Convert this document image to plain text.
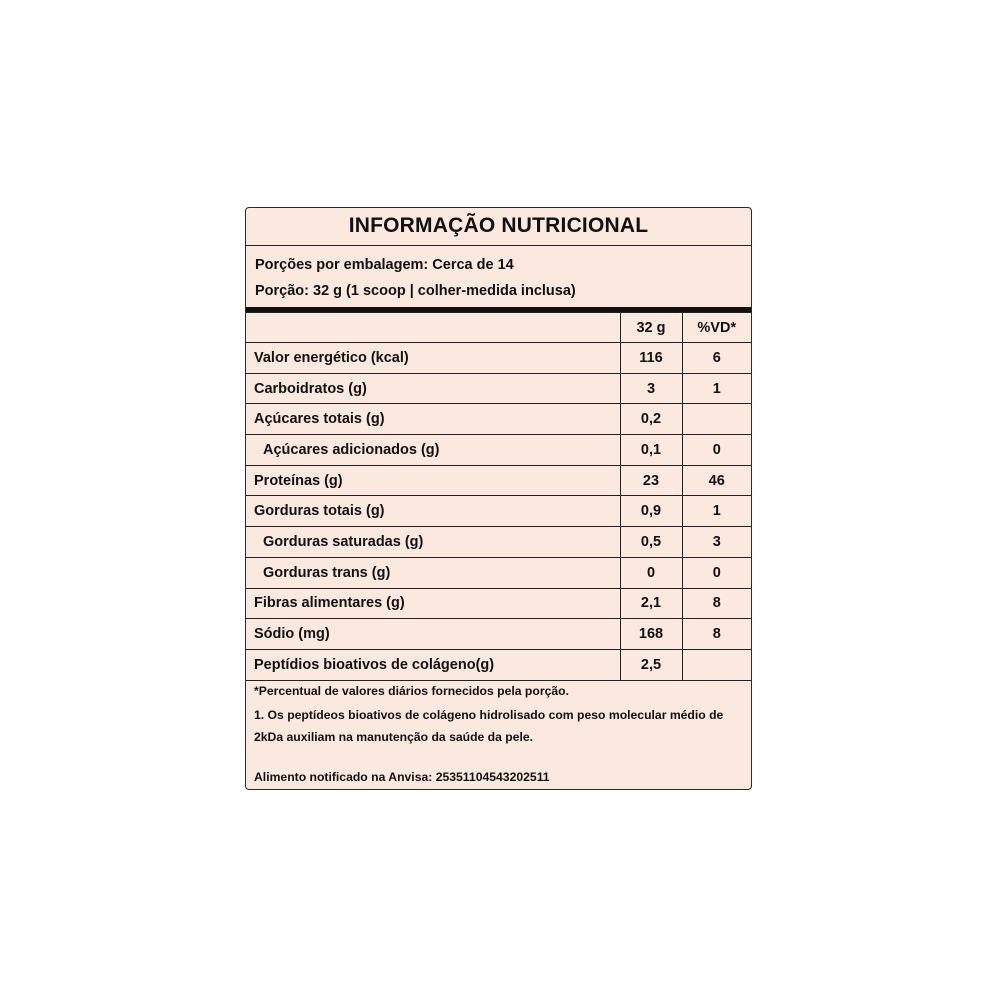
INFORMAÇÃO NUTRICIONAL
Porções por embalagem: Cerca de 14
Porção: 32 g (1 scoop | colher-medida inclusa)
	32 g	%VD*
Valor energético (kcal)	116	6
Carboidratos (g)	3	1
Açúcares totais (g)	0,2	
Açúcares adicionados (g)	0,1	0
Proteínas (g)	23	46
Gorduras totais (g)	0,9	1
Gorduras saturadas (g)	0,5	3
Gorduras trans (g)	0	0
Fibras alimentares (g)	2,1	8
Sódio (mg)	168	8
Peptídios bioativos de colágeno(g)	2,5	
*Percentual de valores diários fornecidos pela porção.
1. Os peptídeos bioativos de colágeno hidrolisado com peso molecular médio de 2kDa auxiliam na manutenção da saúde da pele.
Alimento notificado na Anvisa: 25351104543202511
